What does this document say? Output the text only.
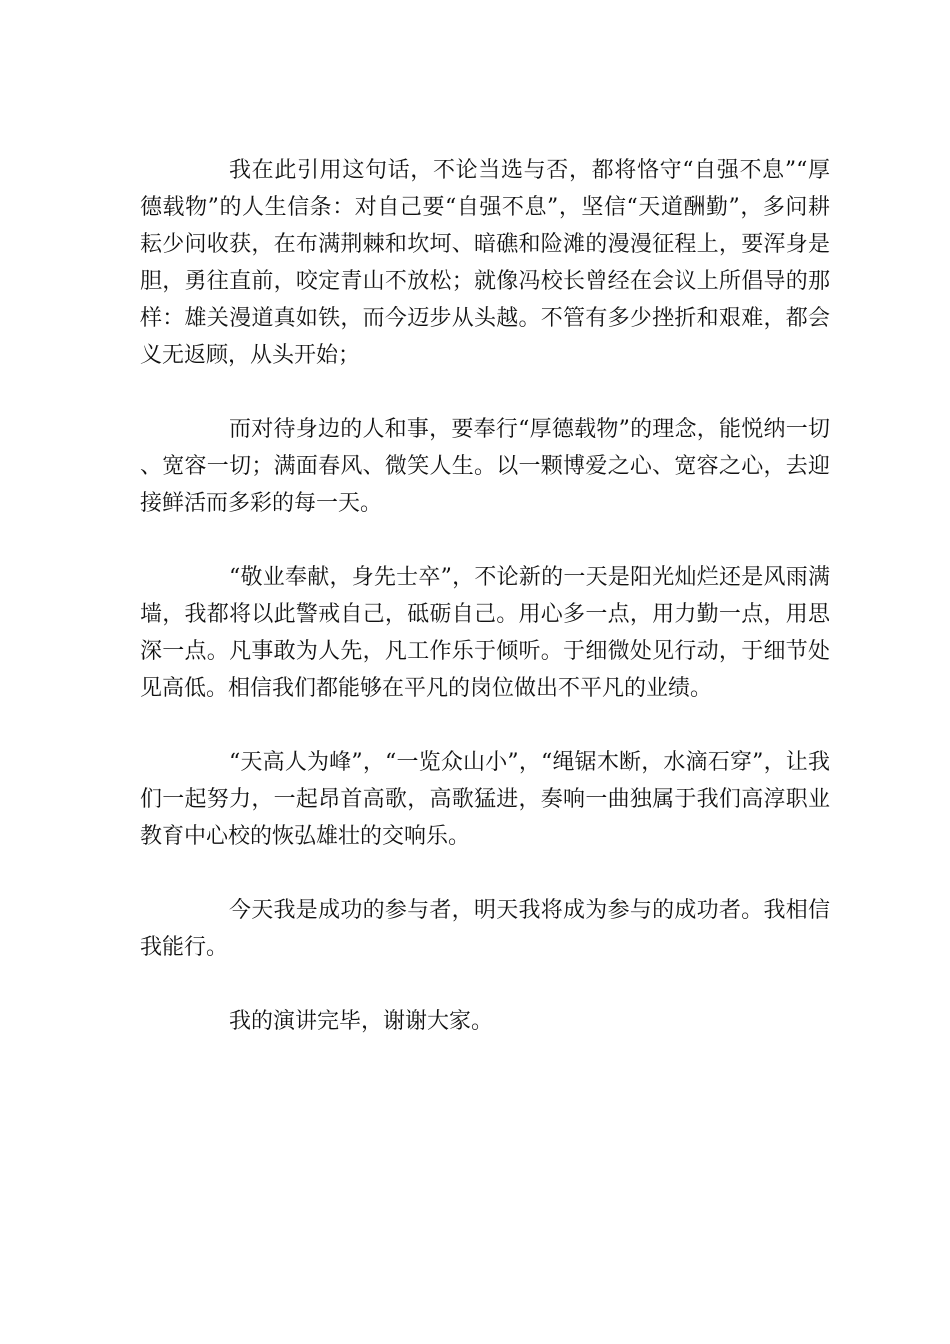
我在此引用这句话，不论当选与否，都将恪守“自强不息”“厚德载物”的人生信条：对自己要“自强不息”，坚信“天道酬勤”，多问耕耘少问收获，在布满荆棘和坎坷、暗礁和险滩的漫漫征程上，要浑身是胆，勇往直前，咬定青山不放松；就像冯校长曾经在会议上所倡导的那样：雄关漫道真如铁，而今迈步从头越。不管有多少挫折和艰难，都会义无返顾，从头开始；

而对待身边的人和事，要奉行“厚德载物”的理念，能悦纳一切、宽容一切；满面春风、微笑人生。以一颗博爱之心、宽容之心，去迎接鲜活而多彩的每一天。

“敬业奉献，身先士卒”，不论新的一天是阳光灿烂还是风雨满墙，我都将以此警戒自己，砥砺自己。用心多一点，用力勤一点，用思深一点。凡事敢为人先，凡工作乐于倾听。于细微处见行动，于细节处见高低。相信我们都能够在平凡的岗位做出不平凡的业绩。

“天高人为峰”，“一览众山小”，“绳锯木断，水滴石穿”，让我们一起努力，一起昂首高歌，高歌猛进，奏响一曲独属于我们高淳职业教育中心校的恢弘雄壮的交响乐。

今天我是成功的参与者，明天我将成为参与的成功者。我相信我能行。

我的演讲完毕，谢谢大家。
